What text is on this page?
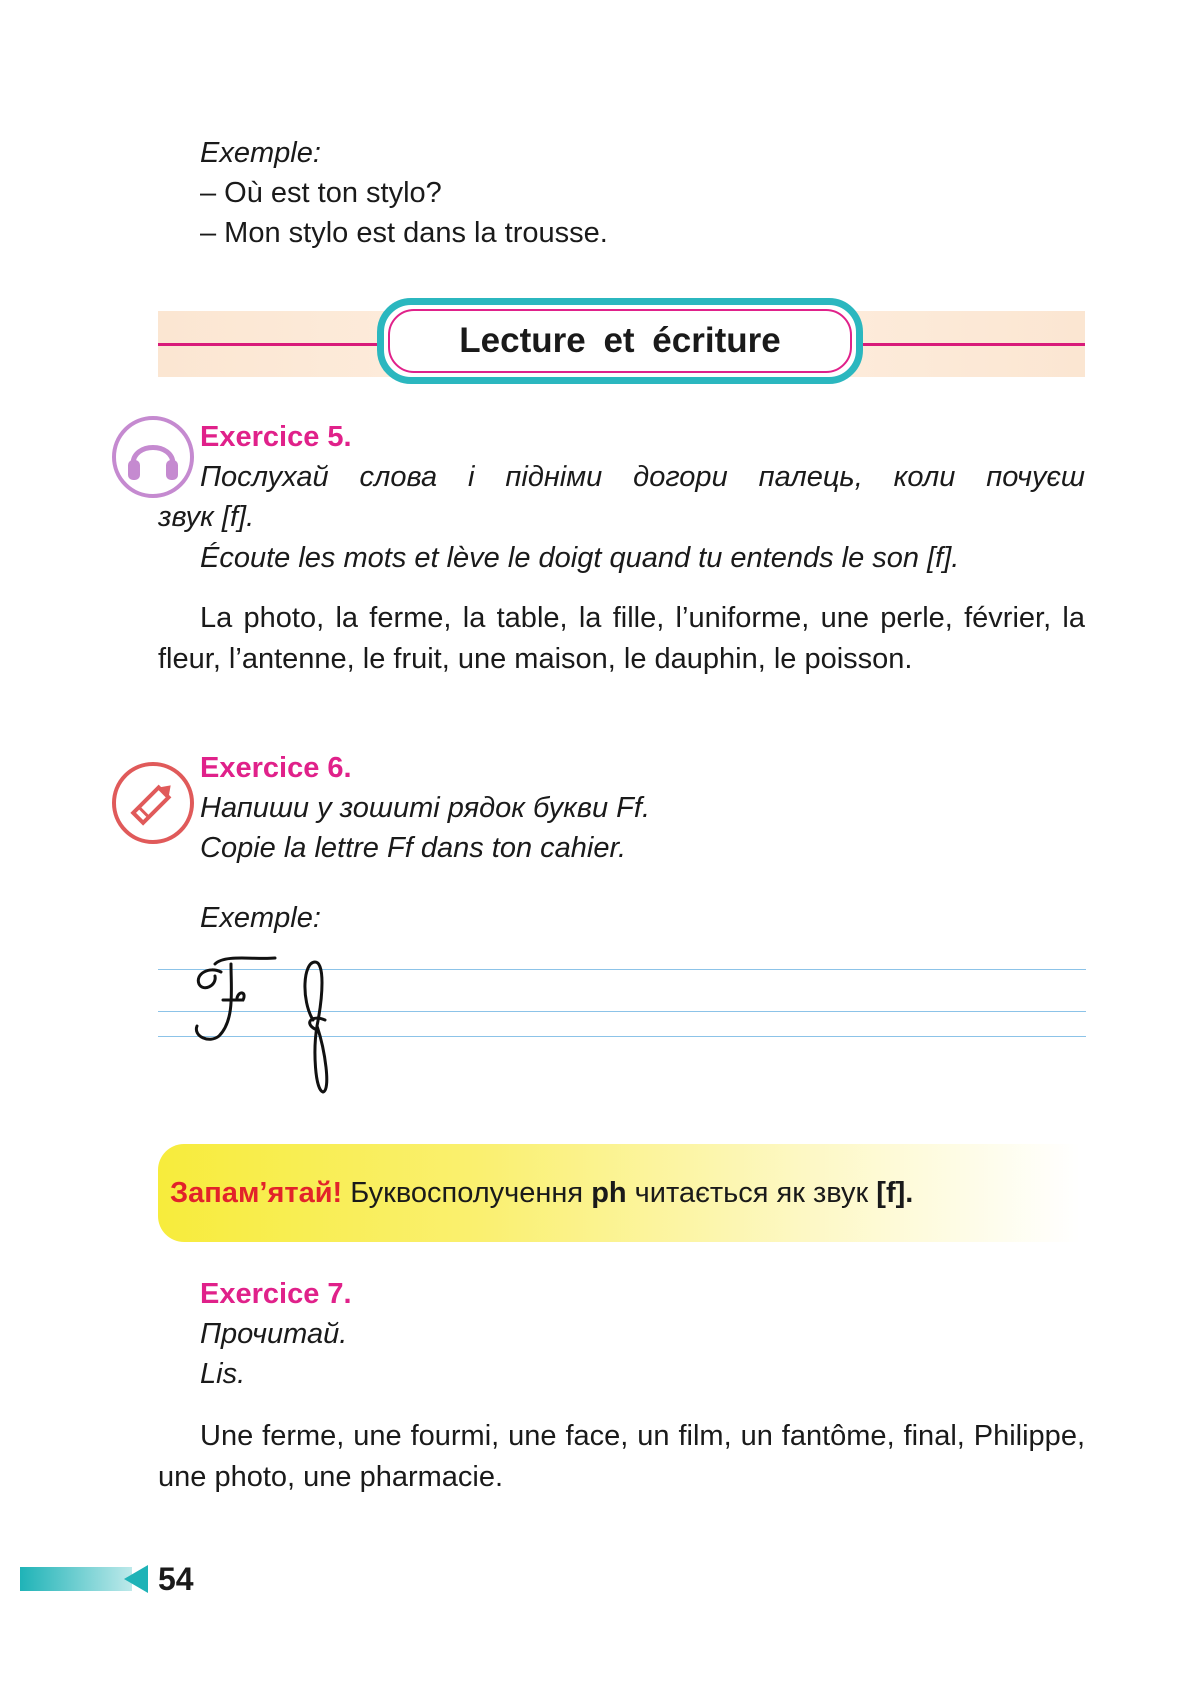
Exemple:
– Où est ton stylo?
– Mon stylo est dans la trousse.
Lecture et écriture
Exercice 5.
Послухай слова і підніми догори палець, коли почуєш
звук [f].
Écoute les mots et lève le doigt quand tu entends le son [f].
La photo, la ferme, la table, la fille, l’uniforme, une perle, février, la fleur, l’antenne, le fruit, une maison, le dauphin, le poisson.
Exercice 6.
Напиши у зошиті рядок букви Ff.
Copie la lettre Ff dans ton cahier.
Exemple:
Запам’ятай! Буквосполучення ph читається як звук [f] .
Exercice 7.
Прочитай.
Lis.
Une ferme, une fourmi, une face, un film, un fantôme, final, Philippe, une photo, une pharmacie.
54
